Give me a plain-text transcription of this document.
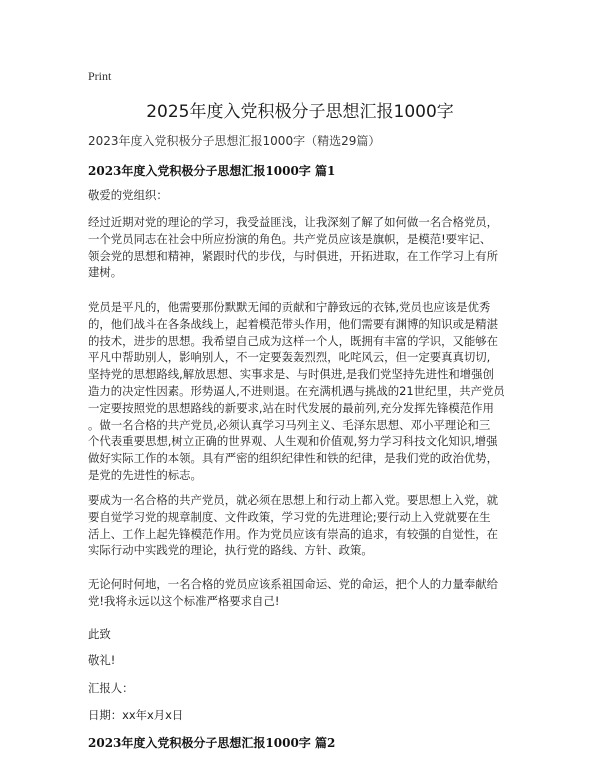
Print
2025年度入党积极分子思想汇报1000字

2023年度入党积极分子思想汇报1000字（精选29篇）

2023年度入党积极分子思想汇报1000字 篇1

敬爱的党组织：

经过近期对党的理论的学习，我受益匪浅，让我深刻了解了如何做一名合格党员，
一个党员同志在社会中所应扮演的角色。共产党员应该是旗帜，是模范!要牢记、
领会党的思想和精神，紧跟时代的步伐，与时俱进，开拓进取，在工作学习上有所
建树。

党员是平凡的，他需要那份默默无闻的贡献和宁静致远的衣钵,党员也应该是优秀
的，他们战斗在各条战线上，起着模范带头作用，他们需要有渊博的知识或是精湛
的技术，进步的思想。我希望自己成为这样一个人，既拥有丰富的学识，又能够在
平凡中帮助别人，影响别人，不一定要轰轰烈烈，叱咤风云，但一定要真真切切,
坚持党的思想路线,解放思想、实事求是、与时俱进,是我们党坚持先进性和增强创
造力的决定性因素。形势逼人,不进则退。在充满机遇与挑战的21世纪里，共产党员
一定要按照党的思想路线的新要求,站在时代发展的最前列,充分发挥先锋模范作用
。做一名合格的共产党员,必须认真学习马列主义、毛泽东思想、邓小平理论和三
个代表重要思想,树立正确的世界观、人生观和价值观,努力学习科技文化知识,增强
做好实际工作的本领。具有严密的组织纪律性和铁的纪律，是我们党的政治优势，
是党的先进性的标志。

要成为一名合格的共产党员，就必须在思想上和行动上都入党。要思想上入党，就
要自觉学习党的规章制度、文件政策，学习党的先进理论;要行动上入党就要在生
活上、工作上起先锋模范作用。作为党员应该有崇高的追求，有较强的自觉性，在
实际行动中实践党的理论，执行党的路线、方针、政策。

无论何时何地，一名合格的党员应该系祖国命运、党的命运，把个人的力量奉献给
党!我将永远以这个标准严格要求自己!

此致

敬礼!

汇报人：

日期：xx年x月x日

2023年度入党积极分子思想汇报1000字 篇2
